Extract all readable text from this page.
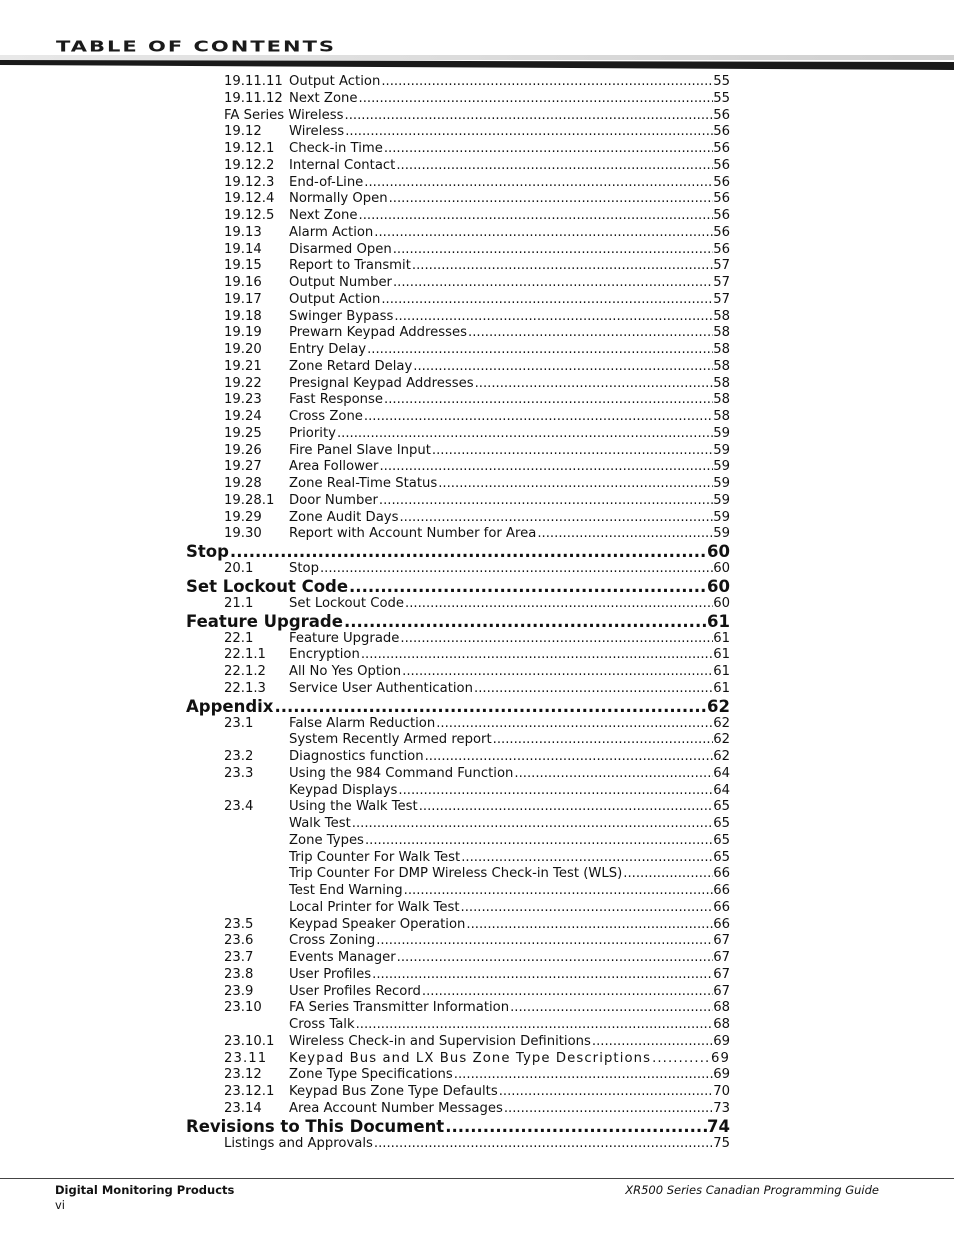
TABLE OF CONTENTS
19.11.11 Output Action .....	55
19.11.12 Next Zone .....	55
FA Series Wireless .....	56
19.12	Wireless .....	56
19.12.1	Check-in Time .....	56
19.12.2	Internal Contact .....	56
19.12.3	End-of-Line .....	56
19.12.4	Normally Open .....	56
19.12.5	Next Zone .....	56
19.13	Alarm Action .....	56
19.14	Disarmed Open .....	56
19.15	Report to Transmit .....	57
19.16	Output Number .....	57
19.17	Output Action .....	57
19.18	Swinger Bypass .....	58
19.19	Prewarn Keypad Addresses .....	58
19.20	Entry Delay .....	58
19.21	Zone Retard Delay .....	58
19.22	Presignal Keypad Addresses .....	58
19.23	Fast Response .....	58
19.24	Cross Zone .....	58
19.25	Priority .....	59
19.26	Fire Panel Slave Input .....	59
19.27	Area Follower .....	59
19.28	Zone Real-Time Status .....	59
19.28.1	Door Number .....	59
19.29	Zone Audit Days .....	59
19.30	Report with Account Number for Area .....	59
Stop .....	60
20.1	Stop .....	60
Set Lockout Code .....	60
21.1	Set Lockout Code .....	60
Feature Upgrade .....	61
22.1	Feature Upgrade .....	61
22.1.1	Encryption .....	61
22.1.2	All No Yes Option .....	61
22.1.3	Service User Authentication .....	61
Appendix .....	62
23.1	False Alarm Reduction .....	62
System Recently Armed report .....	62
23.2	Diagnostics function .....	62
23.3	Using the 984 Command Function .....	64
Keypad Displays .....	64
23.4	Using the Walk Test .....	65
Walk Test .....	65
Zone Types .....	65
Trip Counter For Walk Test .....	65
Trip Counter For DMP Wireless Check-in Test (WLS) .....	66
Test End Warning .....	66
Local Printer for Walk Test .....	66
23.5	Keypad Speaker Operation .....	66
23.6	Cross Zoning .....	67
23.7	Events Manager .....	67
23.8	User Profiles .....	67
23.9	User Profiles Record .....	67
23.10	FA Series Transmitter Information .....	68
Cross Talk .....	68
23.10.1	Wireless Check-in and Supervision Definitions .....	69
23.11	Keypad Bus and LX Bus Zone Type Descriptions .....	69
23.12	Zone Type Specifications .....	69
23.12.1	Keypad Bus Zone Type Defaults .....	70
23.14	Area Account Number Messages .....	73
Revisions to This Document .....	74
Listings and Approvals .....	75
Digital Monitoring Products
vi
XR500 Series Canadian Programming Guide
